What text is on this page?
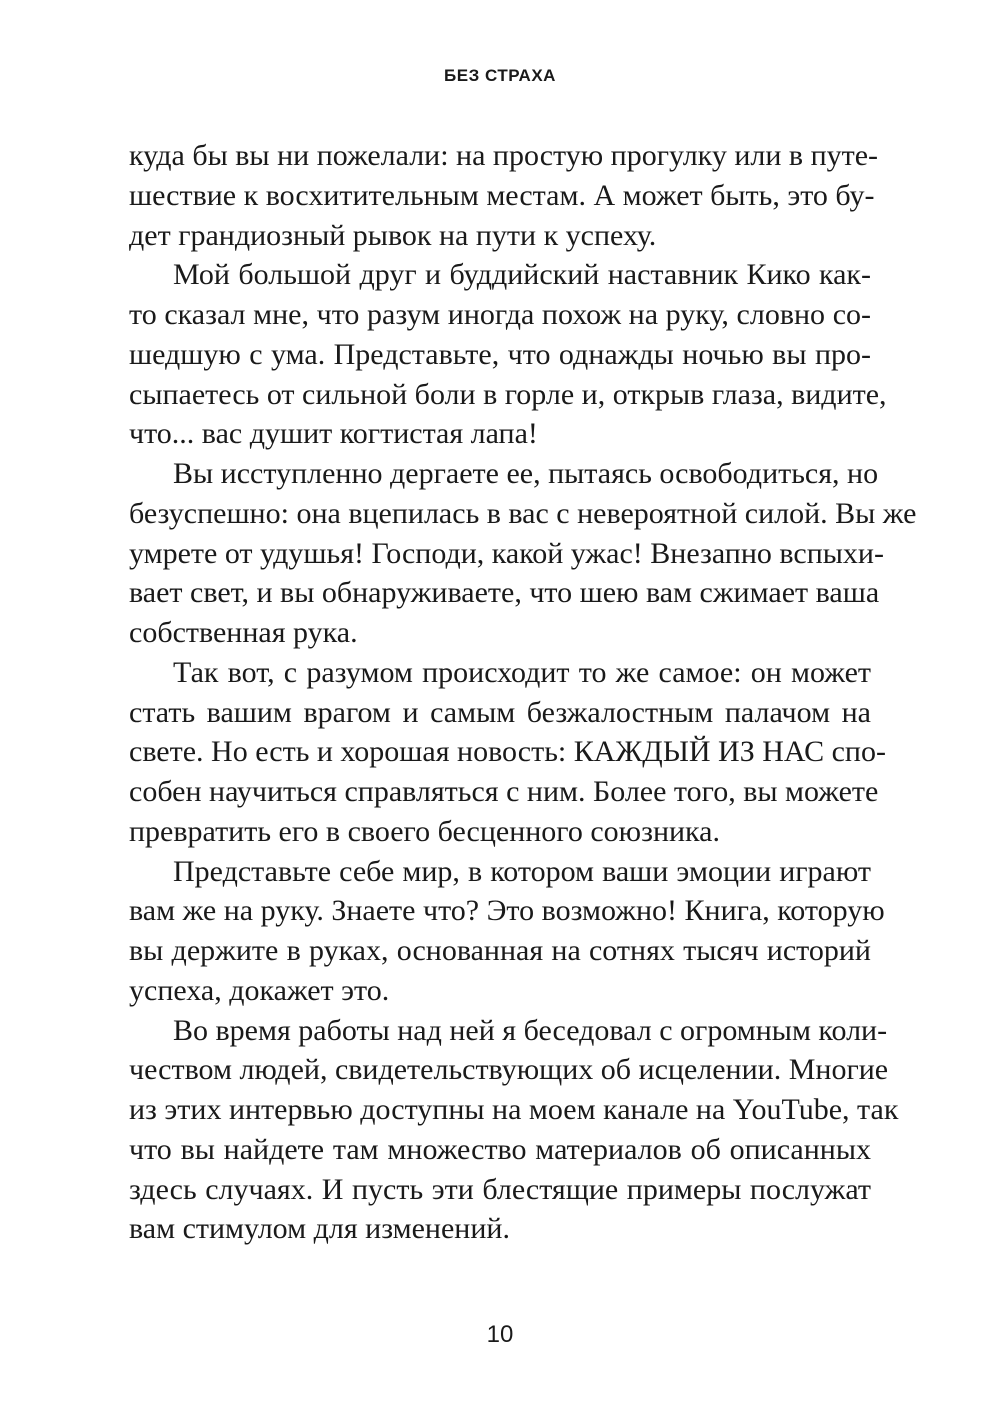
БЕЗ СТРАХА
куда бы вы ни пожелали: на простую прогулку или в путе-
шествие к восхитительным местам. А может быть, это бу-
дет грандиозный рывок на пути к успеху.
Мой большой друг и буддийский наставник Кико как-
то сказал мне, что разум иногда похож на руку, словно со-
шедшую с ума. Представьте, что однажды ночью вы про-
сыпаетесь от сильной боли в горле и, открыв глаза, видите,
что... вас душит когтистая лапа!
Вы исступленно дергаете ее, пытаясь освободиться, но
безуспешно: она вцепилась в вас с невероятной силой. Вы же
умрете от удушья! Господи, какой ужас! Внезапно вспыхи-
вает свет, и вы обнаруживаете, что шею вам сжимает ваша
собственная рука.
Так вот, с разумом происходит то же самое: он может
стать вашим врагом и самым безжалостным палачом на
свете. Но есть и хорошая новость: КАЖДЫЙ ИЗ НАС спо-
собен научиться справляться с ним. Более того, вы можете
превратить его в своего бесценного союзника.
Представьте себе мир, в котором ваши эмоции играют
вам же на руку. Знаете что? Это возможно! Книга, которую
вы держите в руках, основанная на сотнях тысяч историй
успеха, докажет это.
Во время работы над ней я беседовал с огромным коли-
чеством людей, свидетельствующих об исцелении. Многие
из этих интервью доступны на моем канале на YouTube, так
что вы найдете там множество материалов об описанных
здесь случаях. И пусть эти блестящие примеры послужат
вам стимулом для изменений.
10
